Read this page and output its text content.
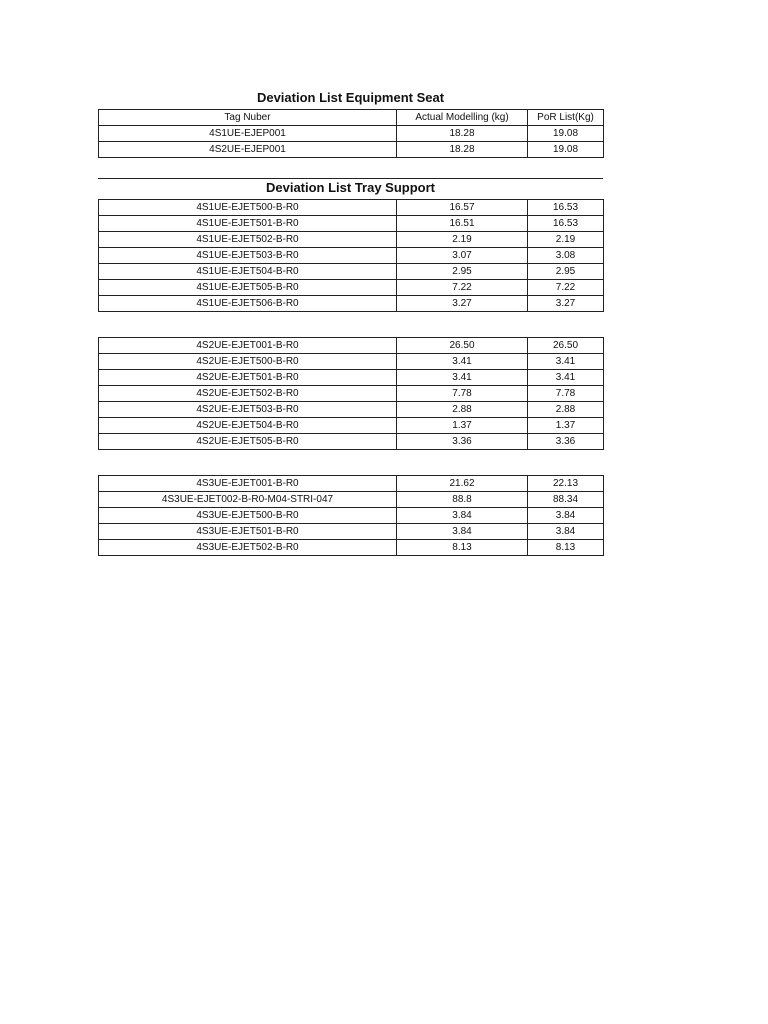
Deviation List Equipment Seat
Tag Nuber	Actual Modelling (kg)	PoR List(Kg)
4S1UE-EJEP001	18.28	19.08
4S2UE-EJEP001	18.28	19.08
Deviation List Tray Support
4S1UE-EJET500-B-R0	16.57	16.53
4S1UE-EJET501-B-R0	16.51	16.53
4S1UE-EJET502-B-R0	2.19	2.19
4S1UE-EJET503-B-R0	3.07	3.08
4S1UE-EJET504-B-R0	2.95	2.95
4S1UE-EJET505-B-R0	7.22	7.22
4S1UE-EJET506-B-R0	3.27	3.27
4S2UE-EJET001-B-R0	26.50	26.50
4S2UE-EJET500-B-R0	3.41	3.41
4S2UE-EJET501-B-R0	3.41	3.41
4S2UE-EJET502-B-R0	7.78	7.78
4S2UE-EJET503-B-R0	2.88	2.88
4S2UE-EJET504-B-R0	1.37	1.37
4S2UE-EJET505-B-R0	3.36	3.36
4S3UE-EJET001-B-R0	21.62	22.13
4S3UE-EJET002-B-R0-M04-STRI-047	88.8	88.34
4S3UE-EJET500-B-R0	3.84	3.84
4S3UE-EJET501-B-R0	3.84	3.84
4S3UE-EJET502-B-R0	8.13	8.13
